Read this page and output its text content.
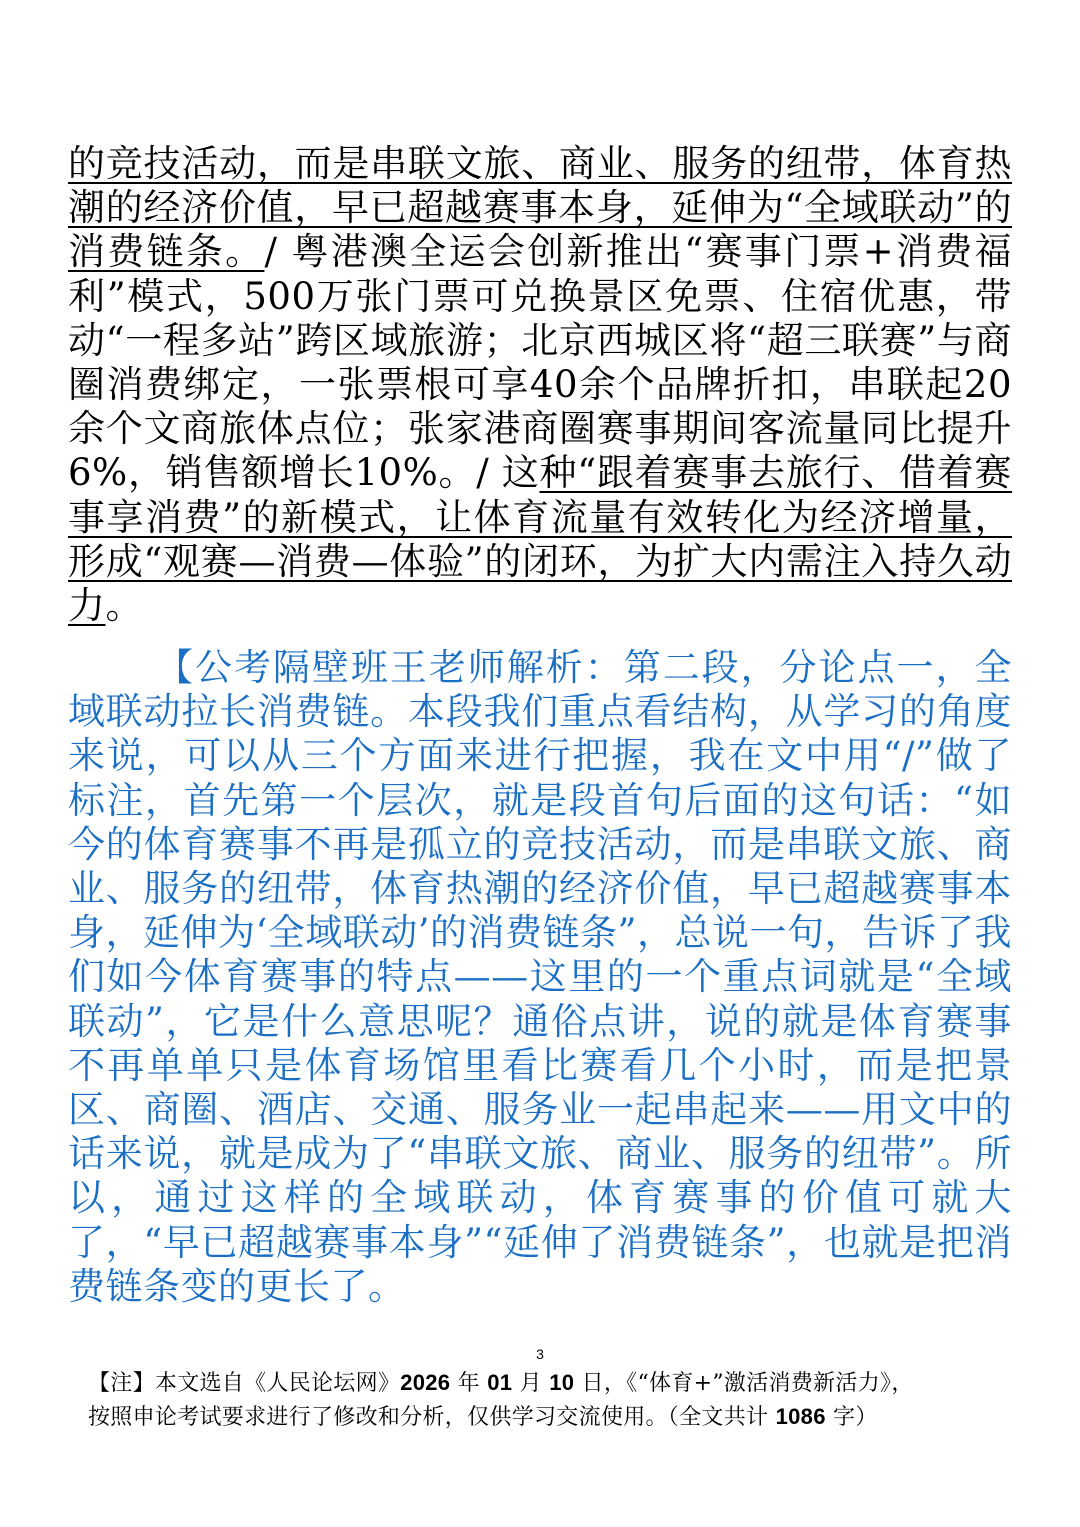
的竞技活动，而是串联文旅、商业、服务的纽带，体育热潮的经济价值，早已超越赛事本身，延伸为“全域联动”的消费链条。/ 粤港澳全运会创新推出“赛事门票+消费福利”模式，500万张门票可兑换景区免票、住宿优惠，带动“一程多站”跨区域旅游；北京西城区将“超三联赛”与商圈消费绑定，一张票根可享40余个品牌折扣，串联起20余个文商旅体点位；张家港商圈赛事期间客流量同比提升6%，销售额增长10%。/ 这种“跟着赛事去旅行、借着赛事享消费”的新模式，让体育流量有效转化为经济增量，形成“观赛—消费—体验”的闭环，为扩大内需注入持久动力。
【公考隔壁班王老师解析：第二段，分论点一，全域联动拉长消费链。本段我们重点看结构，从学习的角度来说，可以从三个方面来进行把握，我在文中用“/”做了标注，首先第一个层次，就是段首句后面的这句话：“如今的体育赛事不再是孤立的竞技活动，而是串联文旅、商业、服务的纽带，体育热潮的经济价值，早已超越赛事本身，延伸为‘全域联动’的消费链条”，总说一句，告诉了我们如今体育赛事的特点——这里的一个重点词就是“全域联动”，它是什么意思呢？通俗点讲，说的就是体育赛事不再单单只是体育场馆里看比赛看几个小时，而是把景区、商圈、酒店、交通、服务业一起串起来——用文中的话来说，就是成为了“串联文旅、商业、服务的纽带”。所以，通过这样的全域联动，体育赛事的价值可就大了，“早已超越赛事本身”“延伸了消费链条”，也就是把消费链条变的更长了。
3
【注】本文选自《人民论坛网》2026 年 01 月 10 日，《“体育+”激活消费新活力》，
按照申论考试要求进行了修改和分析，仅供学习交流使用。（全文共计 1086 字）
